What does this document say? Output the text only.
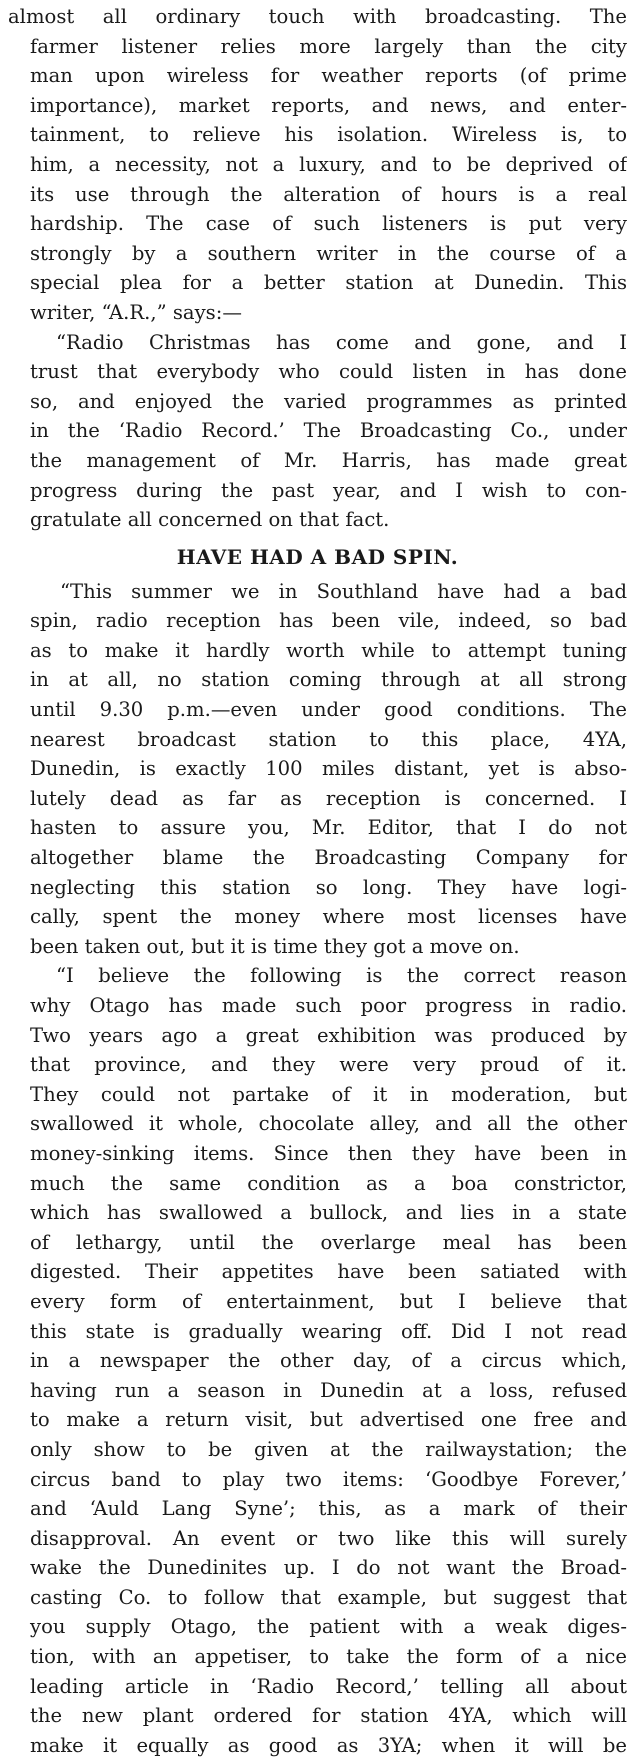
almost all ordinary touch with broadcasting. The
farmer listener relies more largely than the city
man upon wireless for weather reports (of prime
importance), market reports, and news, and enter-
tainment, to relieve his isolation. Wireless is, to
him, a necessity, not a luxury, and to be deprived of
its use through the alteration of hours is a real
hardship. The case of such listeners is put very
strongly by a southern writer in the course of a
special plea for a better station at Dunedin. This
writer, “A.R.,” says:—
“Radio Christmas has come and gone, and I
trust that everybody who could listen in has done
so, and enjoyed the varied programmes as printed
in the ‘Radio Record.’ The Broadcasting Co., under
the management of Mr. Harris, has made great
progress during the past year, and I wish to con-
gratulate all concerned on that fact.
HAVE HAD A BAD SPIN.
“This summer we in Southland have had a bad
spin, radio reception has been vile, indeed, so bad
as to make it hardly worth while to attempt tuning
in at all, no station coming through at all strong
until 9.30 p.m.—even under good conditions. The
nearest broadcast station to this place, 4YA,
Dunedin, is exactly 100 miles distant, yet is abso-
lutely dead as far as reception is concerned. I
hasten to assure you, Mr. Editor, that I do not
altogether blame the Broadcasting Company for
neglecting this station so long. They have logi-
cally, spent the money where most licenses have
been taken out, but it is time they got a move on.
“I believe the following is the correct reason
why Otago has made such poor progress in radio.
Two years ago a great exhibition was produced by
that province, and they were very proud of it.
They could not partake of it in moderation, but
swallowed it whole, chocolate alley, and all the other
money-sinking items. Since then they have been in
much the same condition as a boa constrictor,
which has swallowed a bullock, and lies in a state
of lethargy, until the overlarge meal has been
digested. Their appetites have been satiated with
every form of entertainment, but I believe that
this state is gradually wearing off. Did I not read
in a newspaper the other day, of a circus which,
having run a season in Dunedin at a loss, refused
to make a return visit, but advertised one free and
only show to be given at the railwaystation; the
circus band to play two items: ‘Goodbye Forever,’
and ‘Auld Lang Syne’; this, as a mark of their
disapproval. An event or two like this will surely
wake the Dunedinites up. I do not want the Broad-
casting Co. to follow that example, but suggest that
you supply Otago, the patient with a weak diges-
tion, with an appetiser, to take the form of a nice
leading article in ‘Radio Record,’ telling all about
the new plant ordered for station 4YA, which will
make it equally as good as 3YA; when it will be
